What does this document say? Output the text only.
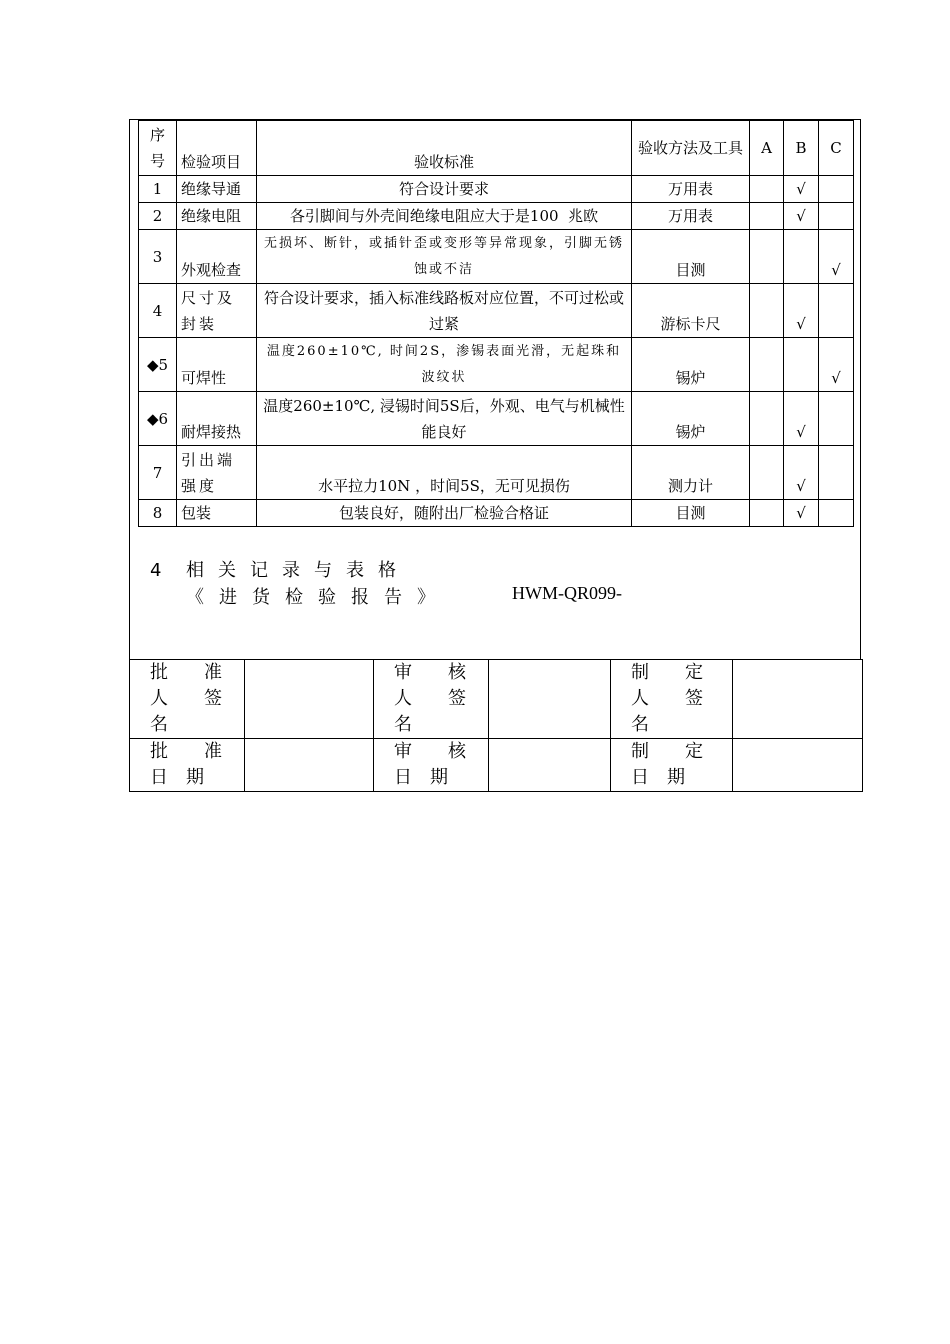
序号	检验项目	验收标准	验收方法及工具	A	B	C
1	绝缘导通	符合设计要求	万用表		√	
2	绝缘电阻	各引脚间与外壳间绝缘电阻应大于是100  兆欧	万用表		√	
3	外观检查	无损坏、断针，或插针歪或变形等异常现象，引脚无锈蚀或不洁	目测			√
4	尺寸及封装	符合设计要求，插入标准线路板对应位置，不可过松或过紧	游标卡尺		√	
◆5	可焊性	温度260±10℃, 时间2S，渗锡表面光滑，无起珠和波纹状	锡炉			√
◆6	耐焊接热	温度260±10℃, 浸锡时间5S后，外观、电气与机械性能良好	锡炉		√	
7	引出端强度	水平拉力10N ，时间5S，无可见损伤	测力计		√	
8	包装	包装良好，随附出厂检验合格证	目测		√	
4 相关记录与表格
《进货检验报告》	HWM-QR099-
批　　准
人　　签
名		审　　核
人　　签
名		制　　定
人　　签
名	
批　　准
日　期		审　　核
日　期		制　　定
日　期	
